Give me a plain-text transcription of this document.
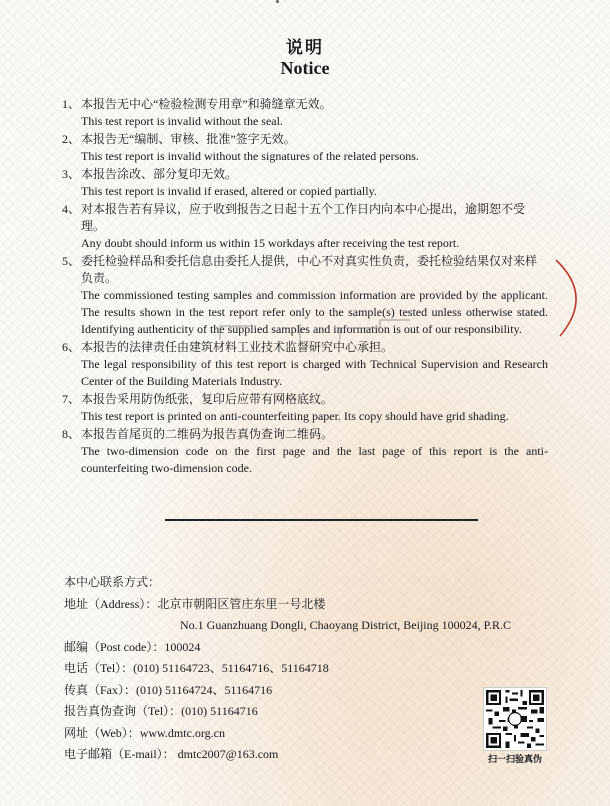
说明
Notice
1、 本报告无中心“检验检测专用章”和骑缝章无效。
This test report is invalid without the seal.
2、 本报告无“编制、审核、批准”签字无效。
This test report is invalid without the signatures of the related persons.
3、 本报告涂改、部分复印无效。
This test report is invalid if erased, altered or copied partially.
4、 对本报告若有异议，应于收到报告之日起十五个工作日内向本中心提出，逾期恕不受理。
Any doubt should inform us within 15 workdays after receiving the test report.
5、 委托检验样品和委托信息由委托人提供，中心不对真实性负责，委托检验结果仅对来样负责。
The commissioned testing samples and commission information are provided by the applicant. The results shown in the test report refer only to the sample(s) tested unless otherwise stated. Identifying authenticity of the supplied samples and information is out of our responsibility.
6、 本报告的法律责任由建筑材料工业技术监督研究中心承担。
The legal responsibility of this test report is charged with Technical Supervision and Research Center of the Building Materials Industry.
7、 本报告采用防伪纸张，复印后应带有网格底纹。
This test report is printed on anti-counterfeiting paper. Its copy should have grid shading.
8、 本报告首尾页的二维码为报告真伪查询二维码。
The two-dimension code on the first page and the last page of this report is the anti-counterfeiting two-dimension code.
本中心联系方式：
地址（Address）：北京市朝阳区管庄东里一号北楼
No.1 Guanzhuang Dongli, Chaoyang District, Beijing 100024, P.R.C
邮编（Post code）：100024
电话（Tel）：(010) 51164723、51164716、51164718
传真（Fax）：(010) 51164724、51164716
报告真伪查询（Tel）：(010) 51164716
网址（Web）：www.dmtc.org.cn
电子邮箱（E-mail）： dmtc2007@163.com	扫一扫验真伪
